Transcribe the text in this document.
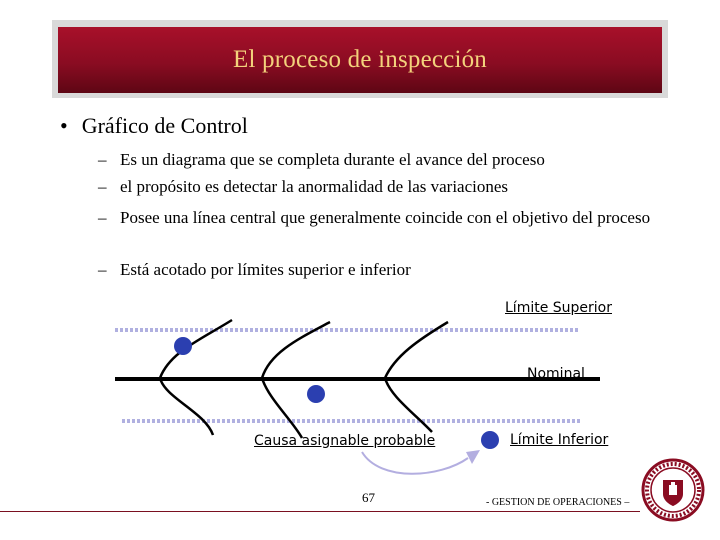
El proceso de inspección
• Gráfico de Control
– Es un diagrama que se completa durante el avance del proceso
– el propósito es detectar la anormalidad de las variaciones
– Posee una línea central que generalmente coincide con el objetivo del proceso
– Está acotado por límites superior e inferior
Límite Superior
Nominal
Causa asignable probable	Límite Inferior
67	- GESTION DE OPERACIONES –
